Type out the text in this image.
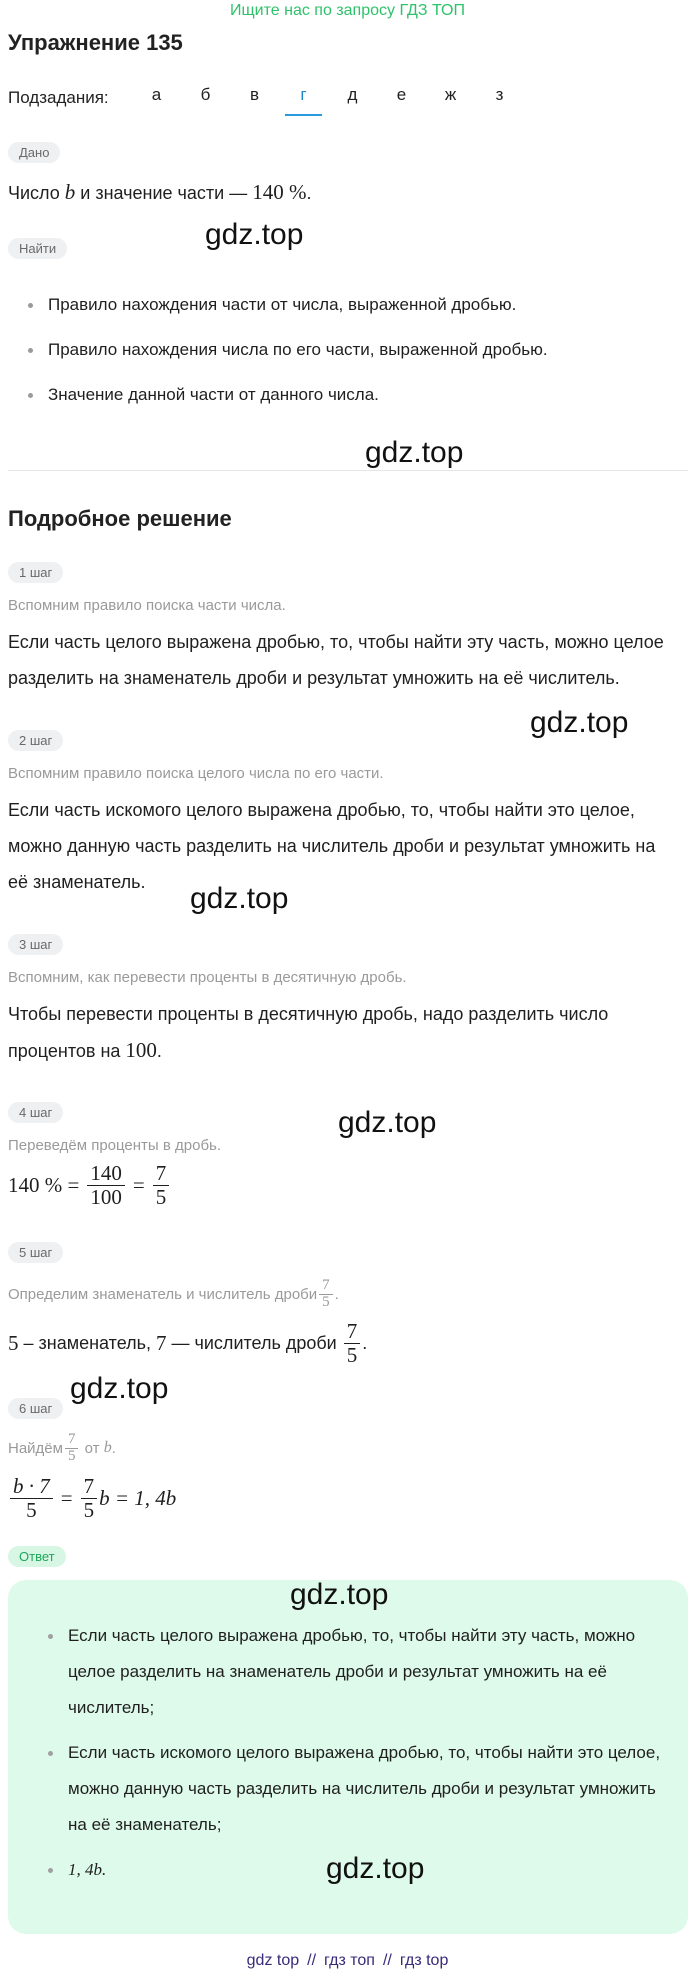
Ищите нас по запросу ГДЗ ТОП
Упражнение 135
Подзадания:	а	б	в	г	д	е	ж	з
Дано
Число b и значение части — 140 %.
Найти	gdz.top
Правило нахождения части от числа, выраженной дробью.
Правило нахождения числа по его части, выраженной дробью.
Значение данной части от данного числа.
gdz.top
Подробное решение
1 шаг
Вспомним правило поиска части числа.
Если часть целого выражена дробью, то, чтобы найти эту часть, можно целое
разделить на знаменатель дроби и результат умножить на её числитель.
gdz.top
2 шаг
Вспомним правило поиска целого числа по его части.
Если часть искомого целого выражена дробью, то, чтобы найти это целое,
можно данную часть разделить на числитель дроби и результат умножить на
её знаменатель.	gdz.top
3 шаг
Вспомним, как перевести проценты в десятичную дробь.
Чтобы перевести проценты в десятичную дробь, надо разделить число
процентов на 100.
4 шаг	gdz.top
Переведём проценты в дробь.
140 % = $\frac{140}{100} = \frac{7}{5}$
5 шаг
Определим знаменатель и числитель дроби $\frac{7}{5}$ .
5 – знаменатель, 7 — числитель дроби $\frac{7}{5}$ .
6 шаг
gdz.top
Найдём $\frac{7}{5}$ от b .
$\frac{b \cdot 7}{5} = \frac{7}{5}$ b = 1, 4b
Ответ
gdz.top
Если часть целого выражена дробью, то, чтобы найти эту часть, можно целое разделить на знаменатель дроби и результат умножить на её числитель;
Если часть искомого целого выражена дробью, то, чтобы найти это целое, можно данную часть разделить на числитель дроби и результат умножить на её знаменатель;
1, 4b.	gdz.top
gdz top // гдз топ // гдз top
